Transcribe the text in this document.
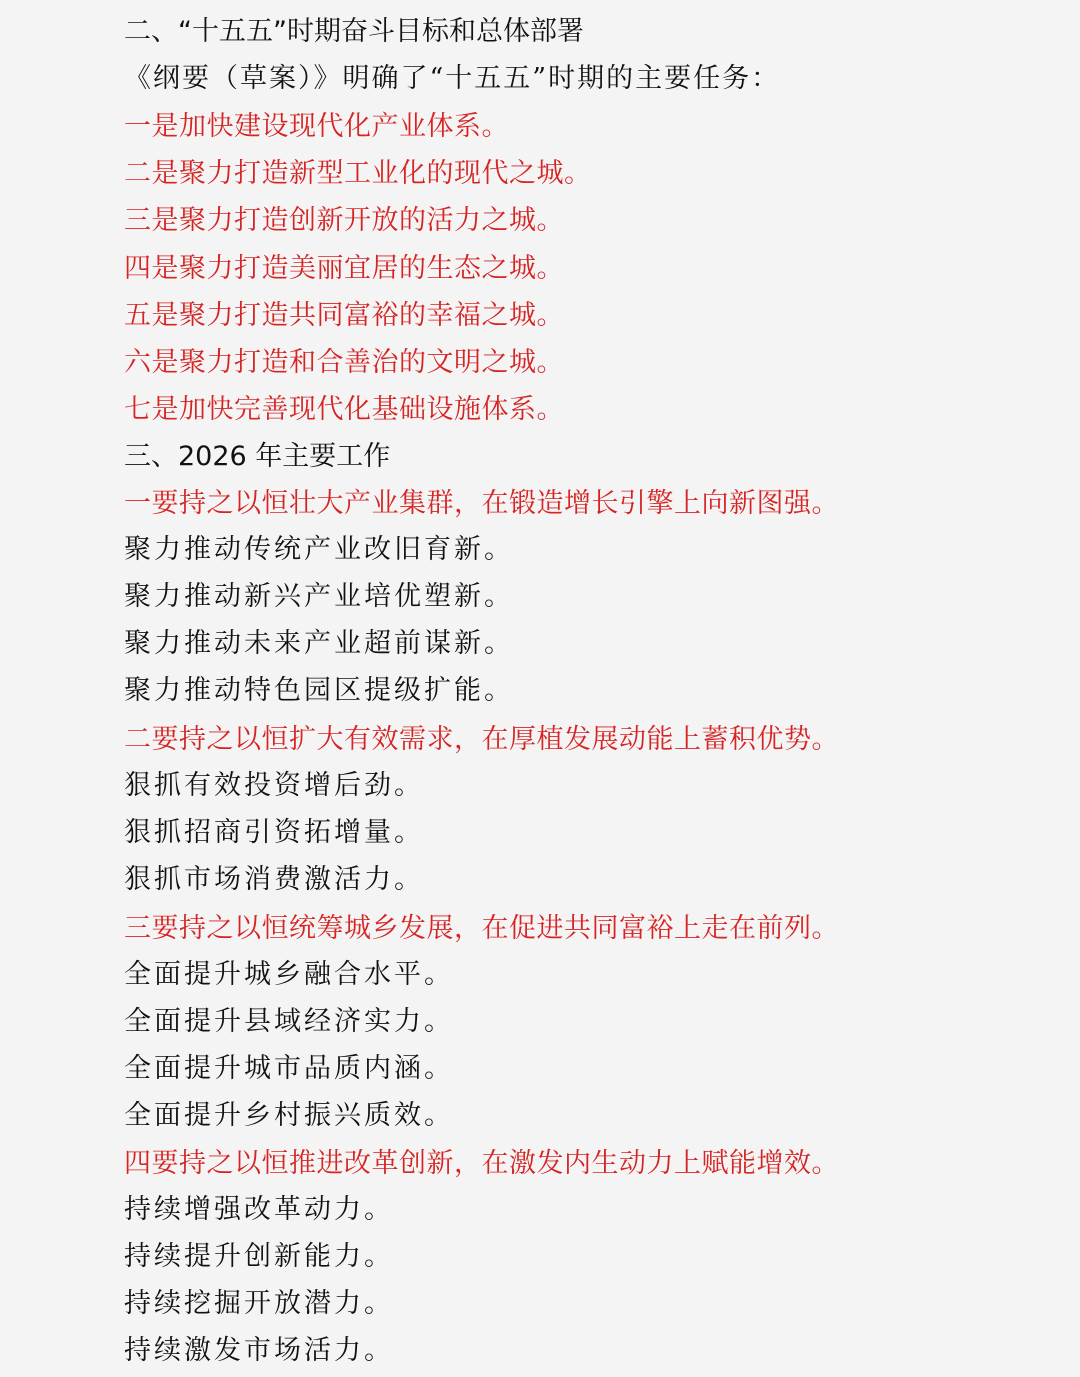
二、“十五五”时期奋斗目标和总体部署
《纲要（草案）》明确了“十五五”时期的主要任务：
一是加快建设现代化产业体系。
二是聚力打造新型工业化的现代之城。
三是聚力打造创新开放的活力之城。
四是聚力打造美丽宜居的生态之城。
五是聚力打造共同富裕的幸福之城。
六是聚力打造和合善治的文明之城。
七是加快完善现代化基础设施体系。
三、2026 年主要工作
一要持之以恒壮大产业集群，在锻造增长引擎上向新图强。
聚力推动传统产业改旧育新。
聚力推动新兴产业培优塑新。
聚力推动未来产业超前谋新。
聚力推动特色园区提级扩能。
二要持之以恒扩大有效需求，在厚植发展动能上蓄积优势。
狠抓有效投资增后劲。
狠抓招商引资拓增量。
狠抓市场消费激活力。
三要持之以恒统筹城乡发展，在促进共同富裕上走在前列。
全面提升城乡融合水平。
全面提升县域经济实力。
全面提升城市品质内涵。
全面提升乡村振兴质效。
四要持之以恒推进改革创新，在激发内生动力上赋能增效。
持续增强改革动力。
持续提升创新能力。
持续挖掘开放潜力。
持续激发市场活力。
